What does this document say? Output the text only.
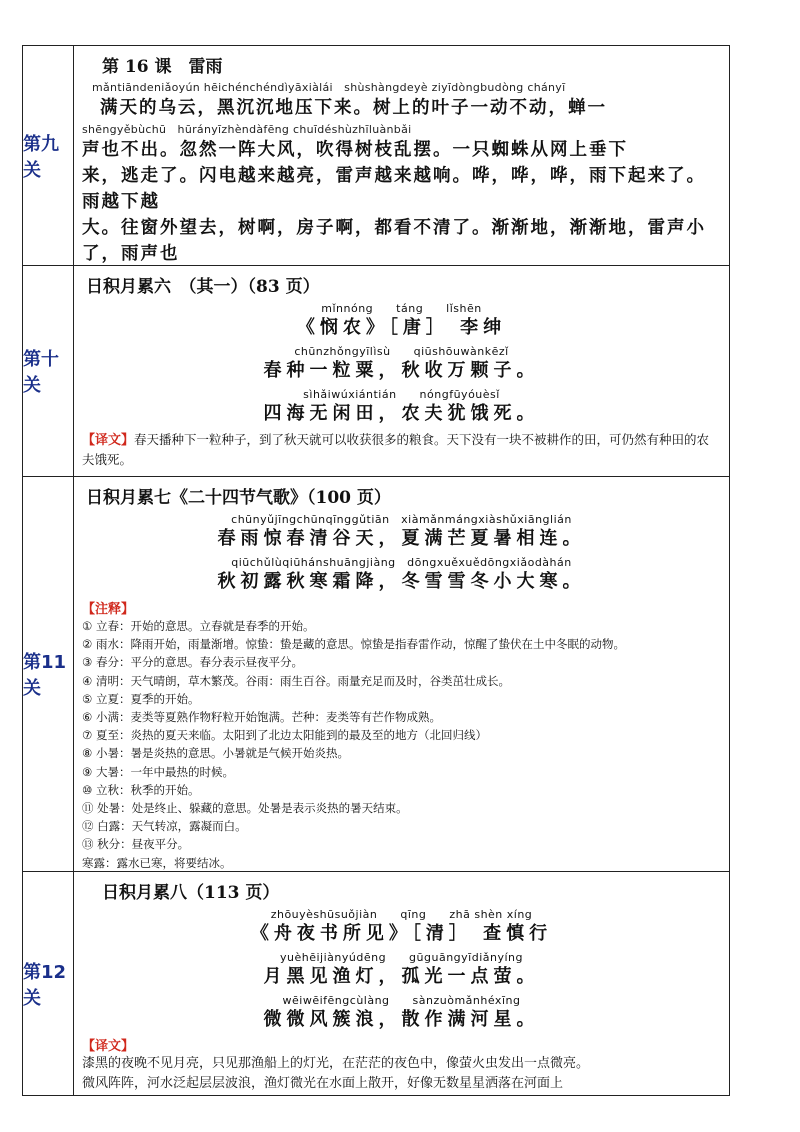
第九关
第 16 课　雷雨
mǎntiāndeniǎoyún hēichénchéndìyāxiàlái　shùshàngdeyè ziyīdòngbudòng chányī
满天的乌云，黑沉沉地压下来。树上的叶子一动不动，蝉一
shēngyěbùchū　hūrányīzhèndàfēng chuīdéshùzhīluànbǎi
声也不出。忽然一阵大风，吹得树枝乱摆。一只蜘蛛从网上垂下
来，逃走了。闪电越来越亮，雷声越来越响。哗，哗，哗，雨下起来了。雨越下越
大。往窗外望去，树啊，房子啊，都看不清了。渐渐地，渐渐地，雷声小了，雨声也
第十关
日积月累六　（其一）（83 页）
mǐnnóng　　táng　　lǐshēn
《悯农》［唐］ 李绅
chūnzhǒngyīlìsù　　qiūshōuwànkēzǐ
春种一粒粟，秋收万颗子。
sìhǎiwúxiántián　　nóngfūyóuèsǐ
四海无闲田，农夫犹饿死。
【译文】春天播种下一粒种子，到了秋天就可以收获很多的粮食。天下没有一块不被耕作的田，可仍然有种田的农夫饿死。
第11关
日积月累七《二十四节气歌》（100 页）
chūnyǔjīngchūnqīnggǔtiān　xiàmǎnmángxiàshǔxiānglián
春雨惊春清谷天，夏满芒夏暑相连。
qiūchǔlùqiūhánshuāngjiàng　dōngxuěxuědōngxiǎodàhán
秋初露秋寒霜降，冬雪雪冬小大寒。
【注释】
① 立春：开始的意思。立春就是春季的开始。
② 雨水：降雨开始，雨量渐增。惊蛰：蛰是藏的意思。惊蛰是指春雷作动，惊醒了蛰伏在土中冬眠的动物。
③ 春分：平分的意思。春分表示昼夜平分。
④ 清明：天气晴朗，草木繁茂。谷雨：雨生百谷。雨量充足而及时，谷类茁壮成长。
⑤ 立夏：夏季的开始。
⑥ 小满：麦类等夏熟作物籽粒开始饱满。芒种：麦类等有芒作物成熟。
⑦ 夏至：炎热的夏天来临。太阳到了北边太阳能到的最及至的地方（北回归线）
⑧ 小暑：暑是炎热的意思。小暑就是气候开始炎热。
⑨ 大暑：一年中最热的时候。
⑩ 立秋：秋季的开始。
⑪ 处暑：处是终止、躲藏的意思。处暑是表示炎热的暑天结束。
⑫ 白露：天气转凉，露凝而白。
⑬ 秋分：昼夜平分。
寒露：露水已寒，将要结冰。
第12关
日积月累八（113 页）
zhōuyèshūsuǒjiàn　　qīng　　zhā shèn xíng
《舟夜书所见》［清］ 查慎行
yuèhēijiànyúdēng　　gūguāngyīdiǎnyíng
月黑见渔灯，孤光一点萤。
wēiwēifēngcùlàng　　sànzuòmǎnhéxīng
微微风簇浪，散作满河星。
【译文】
漆黑的夜晚不见月亮，只见那渔船上的灯光，在茫茫的夜色中，像萤火虫发出一点微亮。
微风阵阵，河水泛起层层波浪，渔灯微光在水面上散开，好像无数星星洒落在河面上
